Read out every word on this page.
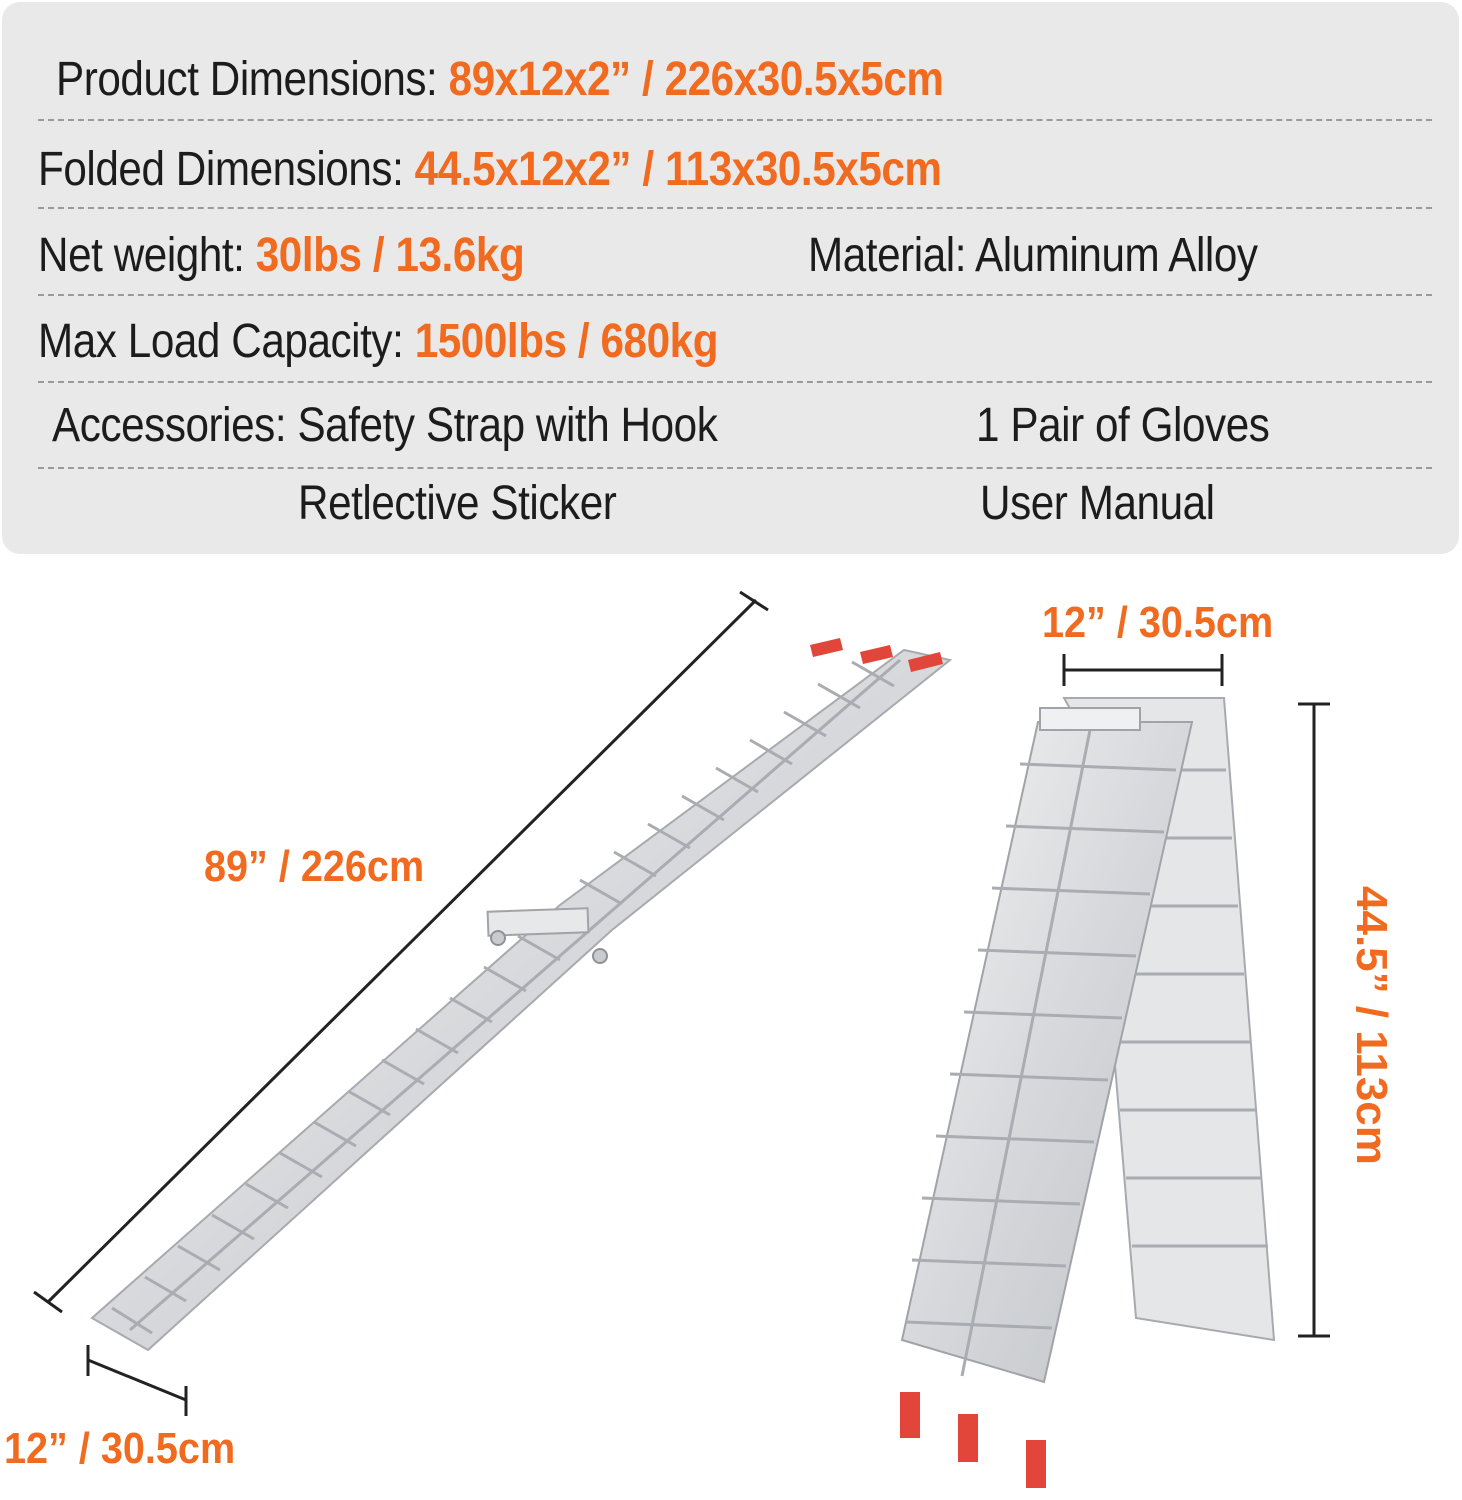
Product Dimensions: 89x12x2” / 226x30.5x5cm
Folded Dimensions: 44.5x12x2” / 113x30.5x5cm
Net weight: 30lbs / 13.6kg	Material: Aluminum Alloy
Max Load Capacity: 1500lbs / 680kg
Accessories: Safety Strap with Hook	1 Pair of Gloves
Retlective Sticker	User Manual
89” / 226cm
12” / 30.5cm
12” / 30.5cm
44.5” / 113cm
